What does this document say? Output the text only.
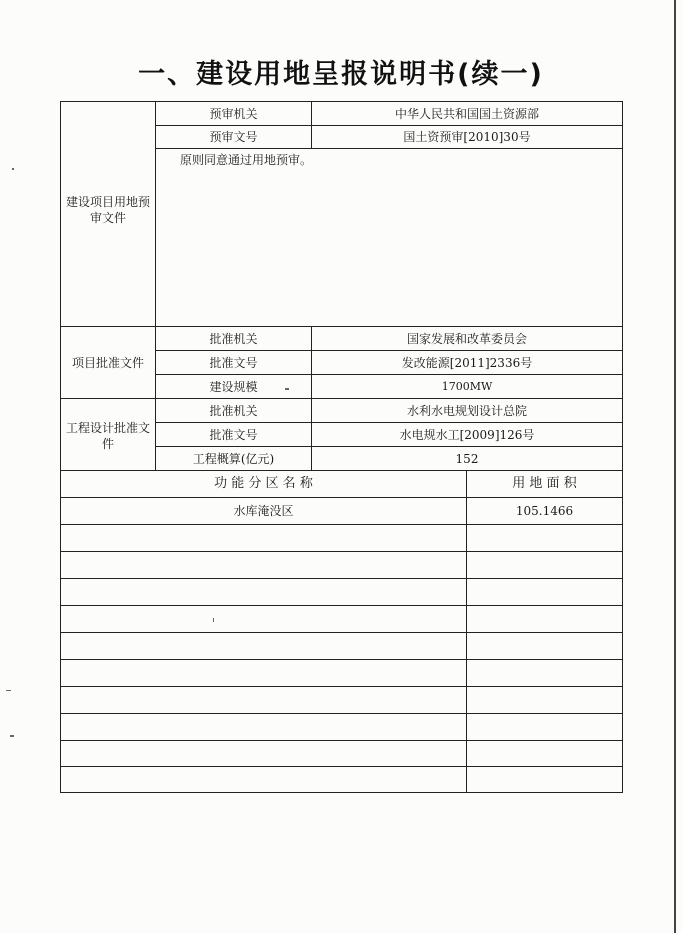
一、建设用地呈报说明书(续一)
建设项目用地预审文件
预审机关	中华人民共和国国土资源部
预审文号	国土资预审[2010]30号
原则同意通过用地预审。
项目批准文件
批准机关	国家发展和改革委员会
批准文号	发改能源[2011]2336号
建设规模	1700MW
工程设计批准文件
批准机关	水利水电规划设计总院
批准文号	水电规水工[2009]126号
工程概算(亿元)	152
功 能 分 区 名 称	用 地 面 积
水库淹没区	105.1466
